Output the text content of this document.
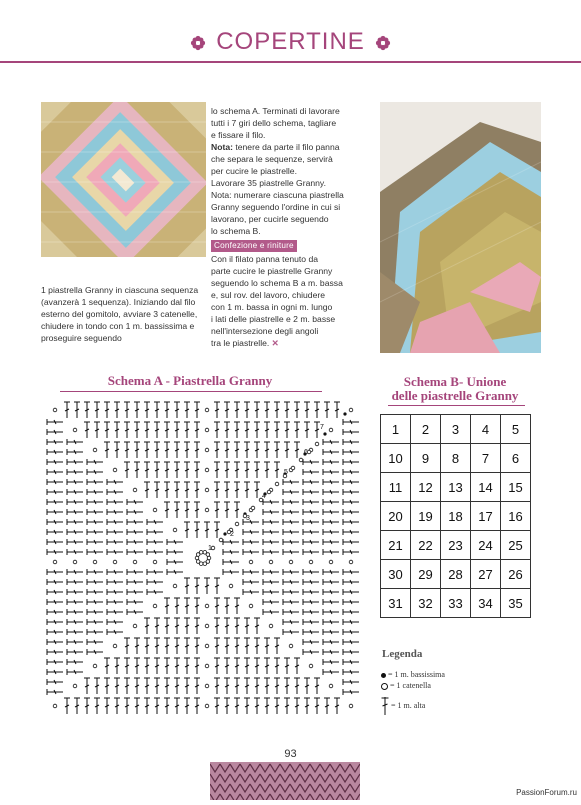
COPERTINE

1 piastrella Granny in ciascuna sequenza (avanzerà 1 sequenza). Iniziando dal filo esterno del gomitolo, avviare 3 catenelle, chiudere in tondo con 1 m. bassissima e proseguire seguendo

lo schema A. Terminati di lavorare

tutti i 7 giri dello schema, tagliare

e fissare il filo.

Nota: tenere da parte il filo panna

che separa le sequenze, servirà

per cucire le piastrelle.

Lavorare 35 piastrelle Granny.

Nota: numerare ciascuna piastrella

Granny seguendo l'ordine in cui si

lavorano, per cucirle seguendo

lo schema B.

Confezione e riniture

Con il filato panna tenuto da

parte cucire le piastrelle Granny

seguendo lo schema B a m. bassa

e, sul rov. del lavoro, chiudere

con 1 m. bassa in ogni m. lungo

i lati delle piastrelle e 2 m. basse

nell'intersezione degli angoli

tra le piastrelle. ✕

Schema A - Piastrella Granny
1
2
3
4
5
6
7
Schema B- Unione
delle piastrelle Granny
1	2	3	4	5
10	9	8	7	6
11	12	13	14	15
20	19	18	17	16
21	22	23	24	25
30	29	28	27	26
31	32	33	34	35
Legenda
= 1 m. bassissima
= 1 catenella
= 1 m. alta
93
PassionForum.ru
